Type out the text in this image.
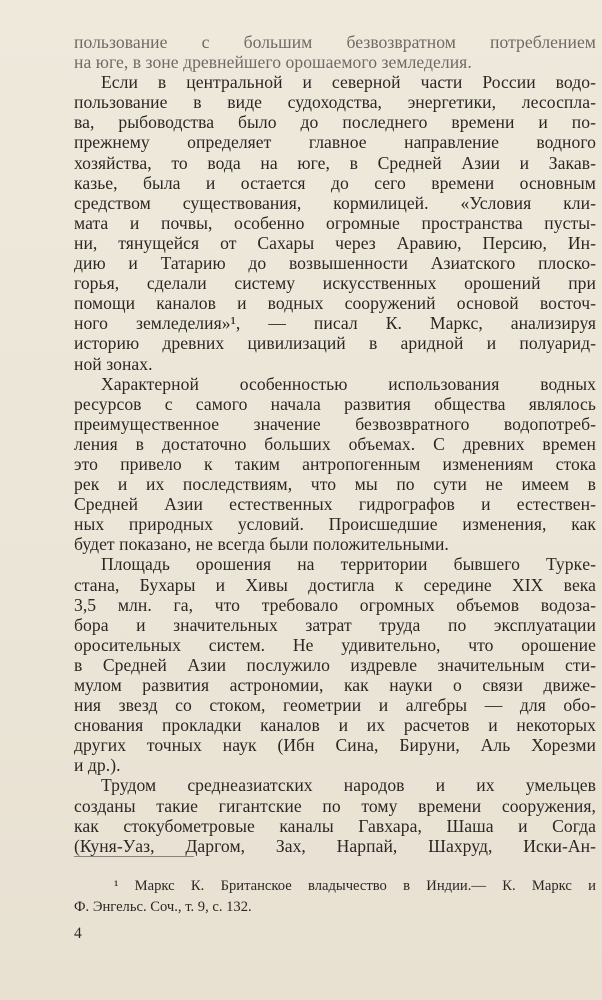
пользование с большим безвозвратном потреблением
на юге, в зоне древнейшего орошаемого земледелия.
Если в центральной и северной части России водо-
пользование в виде судоходства, энергетики, лесоспла-
ва, рыбоводства было до последнего времени и по-
прежнему определяет главное направление водного
хозяйства, то вода на юге, в Средней Азии и Закав-
казье, была и остается до сего времени основным
средством существования, кормилицей. «Условия кли-
мата и почвы, особенно огромные пространства пусты-
ни, тянущейся от Сахары через Аравию, Персию, Ин-
дию и Татарию до возвышенности Азиатского плоско-
горья, сделали систему искусственных орошений при
помощи каналов и водных сооружений основой восточ-
ного земледелия»¹, — писал К. Маркс, анализируя
историю древних цивилизаций в аридной и полуарид-
ной зонах.
Характерной особенностью использования водных
ресурсов с самого начала развития общества являлось
преимущественное значение безвозвратного водопотреб-
ления в достаточно больших объемах. С древних времен
это привело к таким антропогенным изменениям стока
рек и их последствиям, что мы по сути не имеем в
Средней Азии естественных гидрографов и естествен-
ных природных условий. Происшедшие изменения, как
будет показано, не всегда были положительными.
Площадь орошения на территории бывшего Туркe-
стана, Бухары и Хивы достигла к середине XIX века
3,5 млн. га, что требовало огромных объемов водоза-
бора и значительных затрат труда по эксплуатации
оросительных систем. Не удивительно, что орошение
в Средней Азии послужило издревле значительным сти-
мулом развития астрономии, как науки о связи движе-
ния звезд со стоком, геометрии и алгебры — для обо-
снования прокладки каналов и их расчетов и некоторых
других точных наук (Ибн Сина, Бируни, Аль Хорезми
и др.).
Трудом среднеазиатских народов и их умельцев
созданы такие гигантские по тому времени сооружения,
как стокубометровые каналы Гавхара, Шаша и Согда
(Куня-Уаз, Даргом, Зах, Нарпай, Шахруд, Иски-Ан-
¹ Маркс К. Британское владычество в Индии.— К. Маркс и
Ф. Энгельс. Соч., т. 9, с. 132.
4
